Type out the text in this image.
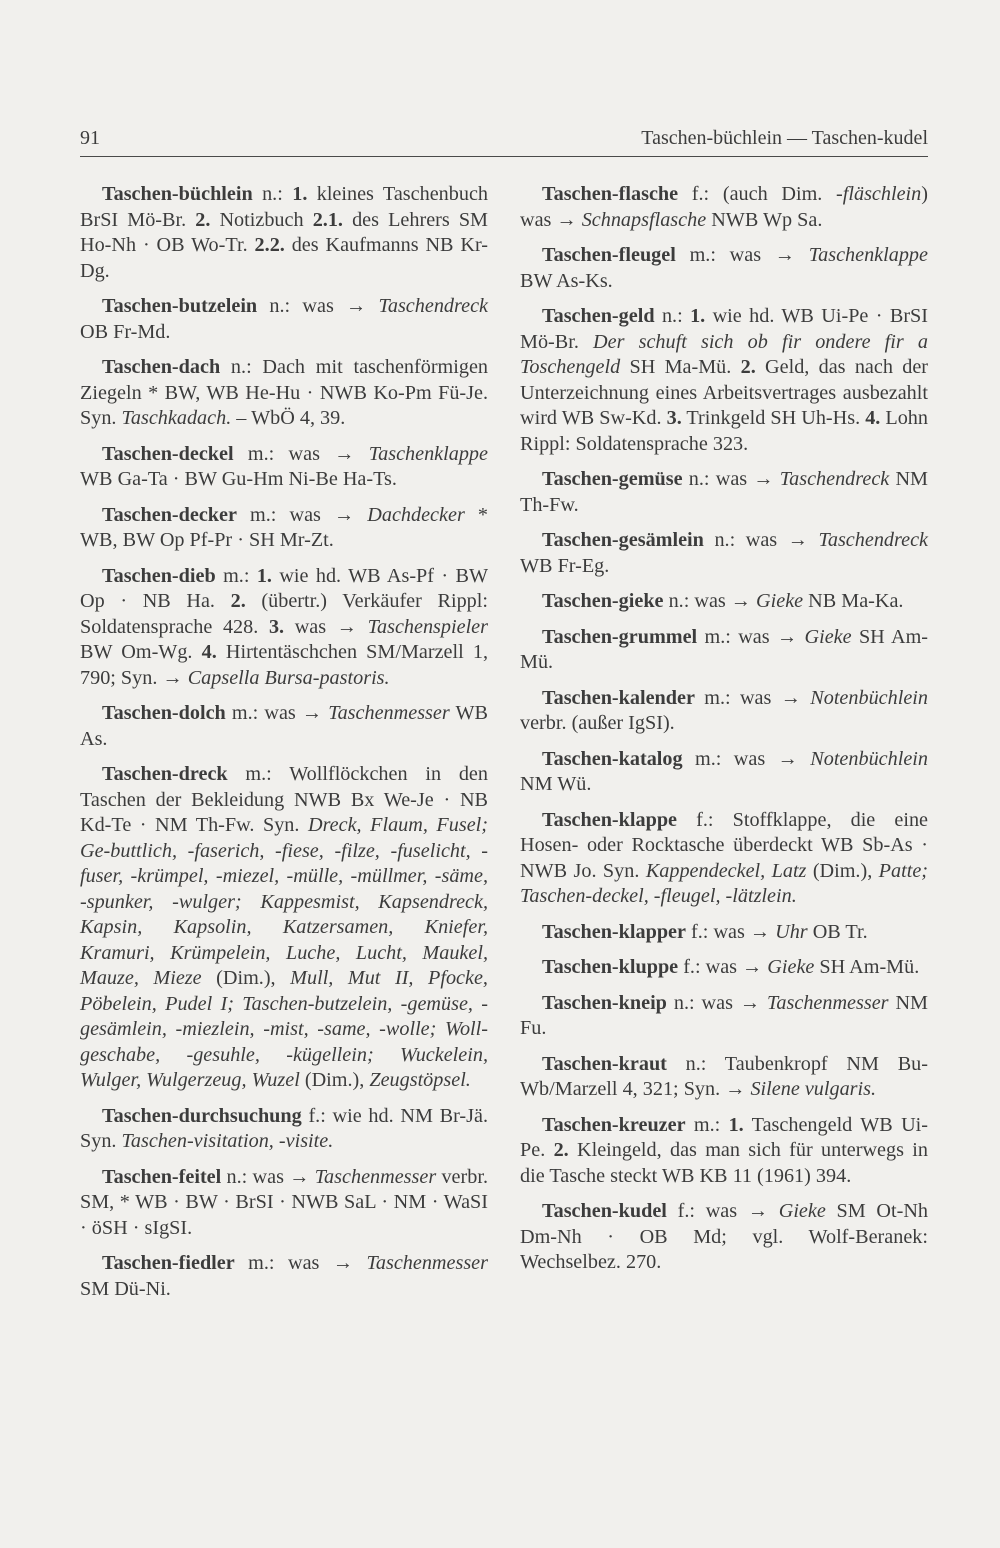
91	Taschen-büchlein — Taschen-kudel

Taschen-büchlein n.: 1. kleines Taschenbuch BrSI Mö-Br. 2. Notizbuch 2.1. des Lehrers SM Ho-Nh · OB Wo-Tr. 2.2. des Kaufmanns NB Kr-Dg.

Taschen-butzelein n.: was → Taschendreck OB Fr-Md.

Taschen-dach n.: Dach mit taschenförmigen Ziegeln * BW, WB He-Hu · NWB Ko-Pm Fü-Je. Syn. Taschkadach. – WbÖ 4, 39.

Taschen-deckel m.: was → Taschenklappe WB Ga-Ta · BW Gu-Hm Ni-Be Ha-Ts.

Taschen-decker m.: was → Dachdecker * WB, BW Op Pf-Pr · SH Mr-Zt.

Taschen-dieb m.: 1. wie hd. WB As-Pf · BW Op · NB Ha. 2. (übertr.) Verkäufer Rippl: Soldatensprache 428. 3. was → Taschenspieler BW Om-Wg. 4. Hirtentäschchen SM/Marzell 1, 790; Syn. → Capsella Bursa-pastoris.

Taschen-dolch m.: was → Taschenmesser WB As.

Taschen-dreck m.: Wollflöckchen in den Taschen der Bekleidung NWB Bx We-Je · NB Kd-Te · NM Th-Fw. Syn. Dreck, Flaum, Fusel; Ge-buttlich, -faserich, -fiese, -filze, -fuselicht, -fuser, -krümpel, -miezel, -mülle, -müllmer, -säme, -spunker, -wulger; Kappesmist, Kapsendreck, Kapsin, Kapsolin, Katzersamen, Kniefer, Kramuri, Krümpelein, Luche, Lucht, Maukel, Mauze, Mieze (Dim.), Mull, Mut II, Pfocke, Pöbelein, Pudel I; Taschen-butzelein, -gemüse, -gesämlein, -miezlein, -mist, -same, -wolle; Woll-geschabe, -gesuhle, -kügellein; Wuckelein, Wulger, Wulgerzeug, Wuzel (Dim.), Zeugstöpsel.

Taschen-durchsuchung f.: wie hd. NM Br-Jä. Syn. Taschen-visitation, -visite.

Taschen-feitel n.: was → Taschenmesser verbr. SM, * WB · BW · BrSI · NWB SaL · NM · WaSI · öSH · sIgSI.

Taschen-fiedler m.: was → Taschenmesser SM Dü-Ni.

Taschen-flasche f.: (auch Dim. -fläschlein) was → Schnapsflasche NWB Wp Sa.

Taschen-fleugel m.: was → Taschenklappe BW As-Ks.

Taschen-geld n.: 1. wie hd. WB Ui-Pe · BrSI Mö-Br. Der schuft sich ob fir ondere fir a Toschengeld SH Ma-Mü. 2. Geld, das nach der Unterzeichnung eines Arbeitsvertrages ausbezahlt wird WB Sw-Kd. 3. Trinkgeld SH Uh-Hs. 4. Lohn Rippl: Soldatensprache 323.

Taschen-gemüse n.: was → Taschendreck NM Th-Fw.

Taschen-gesämlein n.: was → Taschendreck WB Fr-Eg.

Taschen-gieke n.: was → Gieke NB Ma-Ka.

Taschen-grummel m.: was → Gieke SH Am-Mü.

Taschen-kalender m.: was → Notenbüchlein verbr. (außer IgSI).

Taschen-katalog m.: was → Notenbüchlein NM Wü.

Taschen-klappe f.: Stoffklappe, die eine Hosen- oder Rocktasche überdeckt WB Sb-As · NWB Jo. Syn. Kappendeckel, Latz (Dim.), Patte; Taschen-deckel, -fleugel, -lätzlein.

Taschen-klapper f.: was → Uhr OB Tr.

Taschen-kluppe f.: was → Gieke SH Am-Mü.

Taschen-kneip n.: was → Taschenmesser NM Fu.

Taschen-kraut n.: Taubenkropf NM Bu-Wb/Marzell 4, 321; Syn. → Silene vulgaris.

Taschen-kreuzer m.: 1. Taschengeld WB Ui-Pe. 2. Kleingeld, das man sich für unterwegs in die Tasche steckt WB KB 11 (1961) 394.

Taschen-kudel f.: was → Gieke SM Ot-Nh Dm-Nh · OB Md; vgl. Wolf-Beranek: Wechselbez. 270.
